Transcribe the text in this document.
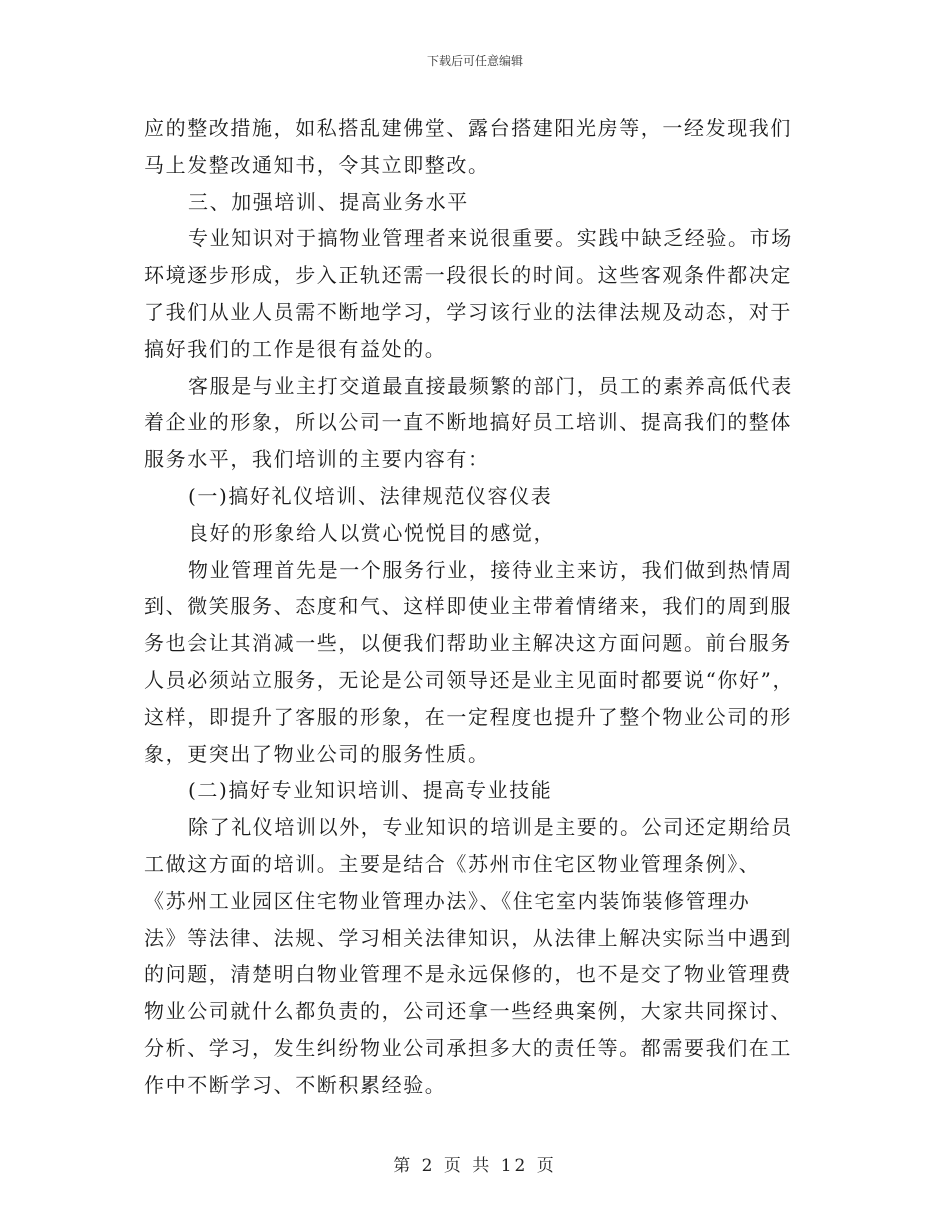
下载后可任意编辑
应的整改措施，如私搭乱建佛堂、露台搭建阳光房等，一经发现我们
马上发整改通知书，令其立即整改。
三、加强培训、提高业务水平
专业知识对于搞物业管理者来说很重要。实践中缺乏经验。市场
环境逐步形成，步入正轨还需一段很长的时间。这些客观条件都决定
了我们从业人员需不断地学习，学习该行业的法律法规及动态，对于
搞好我们的工作是很有益处的。
客服是与业主打交道最直接最频繁的部门，员工的素养高低代表
着企业的形象，所以公司一直不断地搞好员工培训、提高我们的整体
服务水平，我们培训的主要内容有：
(一)搞好礼仪培训、法律规范仪容仪表
良好的形象给人以赏心悦悦目的感觉，
物业管理首先是一个服务行业，接待业主来访，我们做到热情周
到、微笑服务、态度和气、这样即使业主带着情绪来，我们的周到服
务也会让其消减一些，以便我们帮助业主解决这方面问题。前台服务
人员必须站立服务，无论是公司领导还是业主见面时都要说“你好”，
这样，即提升了客服的形象，在一定程度也提升了整个物业公司的形
象，更突出了物业公司的服务性质。
(二)搞好专业知识培训、提高专业技能
除了礼仪培训以外，专业知识的培训是主要的。公司还定期给员
工做这方面的培训。主要是结合《苏州市住宅区物业管理条例》、
《苏州工业园区住宅物业管理办法》、《住宅室内装饰装修管理办
法》等法律、法规、学习相关法律知识，从法律上解决实际当中遇到
的问题，清楚明白物业管理不是永远保修的，也不是交了物业管理费
物业公司就什么都负责的，公司还拿一些经典案例，大家共同探讨、
分析、学习，发生纠纷物业公司承担多大的责任等。都需要我们在工
作中不断学习、不断积累经验。
第 2 页 共 12 页
